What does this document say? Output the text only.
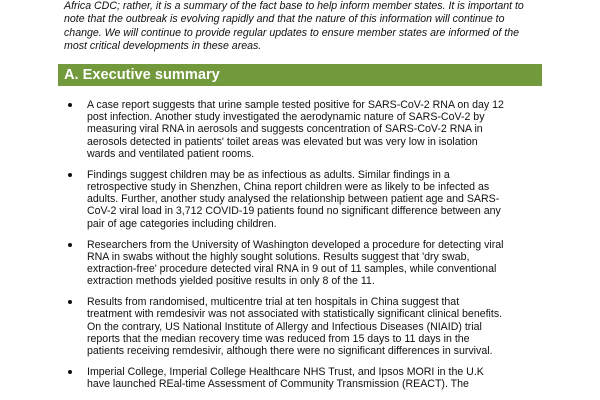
Africa CDC; rather, it is a summary of the fact base to help inform member states. It is important to
note that the outbreak is evolving rapidly and that the nature of this information will continue to
change. We will continue to provide regular updates to ensure member states are informed of the
most critical developments in these areas.

A. Executive summary
A case report suggests that urine sample tested positive for SARS-CoV-2 RNA on day 12
post infection. Another study investigated the aerodynamic nature of SARS-CoV-2 by
measuring viral RNA in aerosols and suggests concentration of SARS-CoV-2 RNA in
aerosols detected in patients' toilet areas was elevated but was very low in isolation
wards and ventilated patient rooms.
Findings suggest children may be as infectious as adults. Similar findings in a
retrospective study in Shenzhen, China report children were as likely to be infected as
adults. Further, another study analysed the relationship between patient age and SARS-
CoV-2 viral load in 3,712 COVID-19 patients found no significant difference between any
pair of age categories including children.
Researchers from the University of Washington developed a procedure for detecting viral
RNA in swabs without the highly sought solutions. Results suggest that 'dry swab,
extraction-free' procedure detected viral RNA in 9 out of 11 samples, while conventional
extraction methods yielded positive results in only 8 of the 11.
Results from randomised, multicentre trial at ten hospitals in China suggest that
treatment with remdesivir was not associated with statistically significant clinical benefits.
On the contrary, US National Institute of Allergy and Infectious Diseases (NIAID) trial
reports that the median recovery time was reduced from 15 days to 11 days in the
patients receiving remdesivir, although there were no significant differences in survival.
Imperial College, Imperial College Healthcare NHS Trust, and Ipsos MORI in the U.K
have launched REal-time Assessment of Community Transmission (REACT). The
